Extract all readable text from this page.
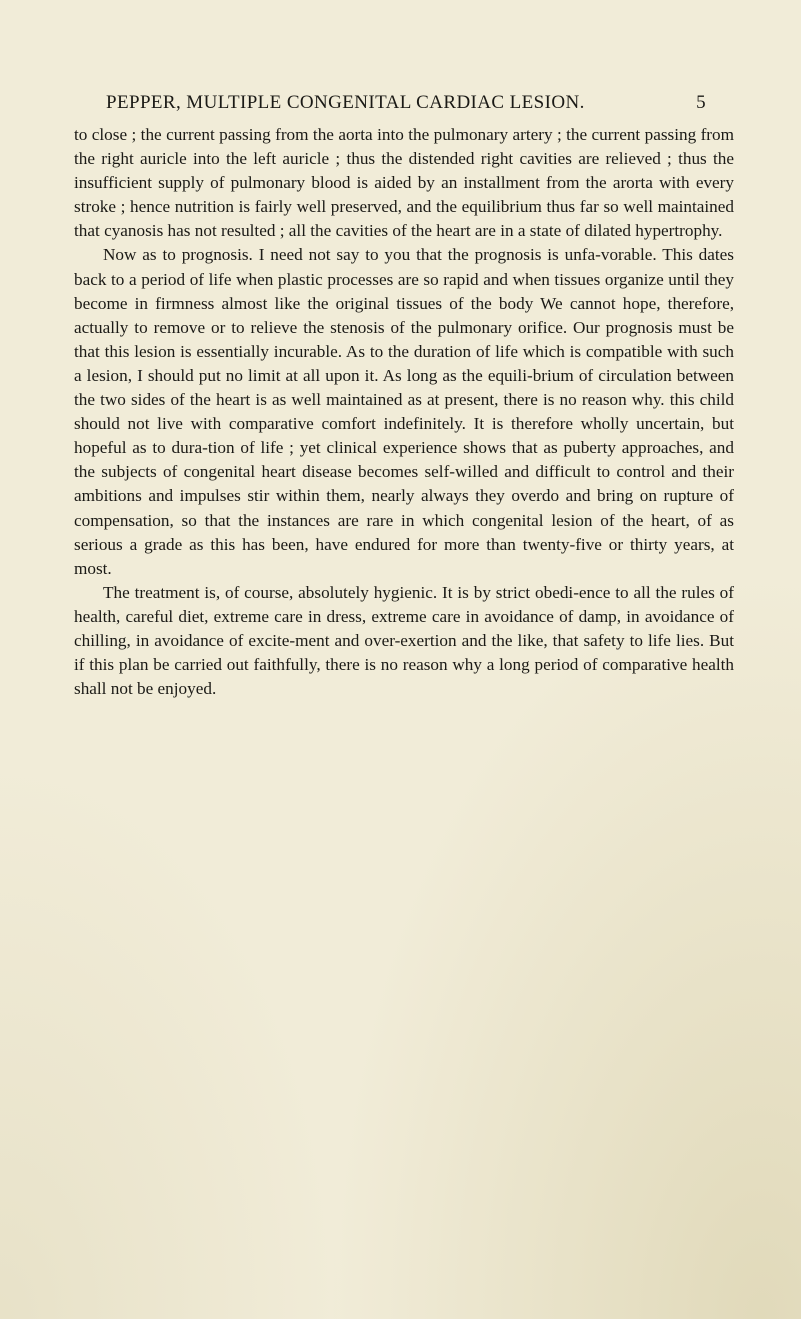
PEPPER, MULTIPLE CONGENITAL CARDIAC LESION.	5

to close ; the current passing from the aorta into the pulmonary artery ; the current passing from the right auricle into the left auricle ; thus the distended right cavities are relieved ; thus the insufficient supply of pulmonary blood is aided by an installment from the arorta with every stroke ; hence nutrition is fairly well preserved, and the equilibrium thus far so well maintained that cyanosis has not resulted ; all the cavities of the heart are in a state of dilated hypertrophy.

Now as to prognosis. I need not say to you that the prognosis is unfa-vorable. This dates back to a period of life when plastic processes are so rapid and when tissues organize until they become in firmness almost like the original tissues of the body We cannot hope, therefore, actually to remove or to relieve the stenosis of the pulmonary orifice. Our prognosis must be that this lesion is essentially incurable. As to the duration of life which is compatible with such a lesion, I should put no limit at all upon it. As long as the equili-brium of circulation between the two sides of the heart is as well maintained as at present, there is no reason why. this child should not live with comparative comfort indefinitely. It is therefore wholly uncertain, but hopeful as to dura-tion of life ; yet clinical experience shows that as puberty approaches, and the subjects of congenital heart disease becomes self-willed and difficult to control and their ambitions and impulses stir within them, nearly always they overdo and bring on rupture of compensation, so that the instances are rare in which congenital lesion of the heart, of as serious a grade as this has been, have endured for more than twenty-five or thirty years, at most.

The treatment is, of course, absolutely hygienic. It is by strict obedi-ence to all the rules of health, careful diet, extreme care in dress, extreme care in avoidance of damp, in avoidance of chilling, in avoidance of excite-ment and over-exertion and the like, that safety to life lies. But if this plan be carried out faithfully, there is no reason why a long period of comparative health shall not be enjoyed.
